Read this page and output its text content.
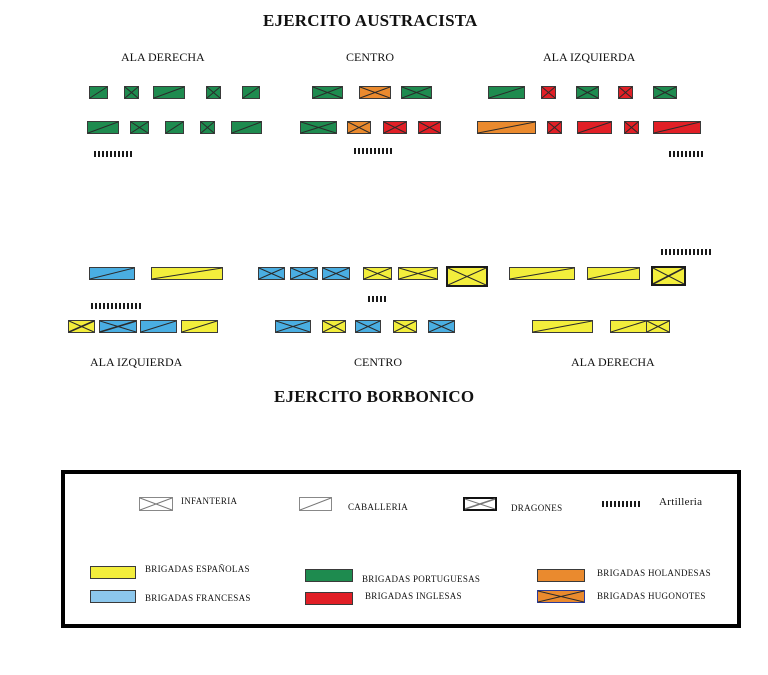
EJERCITO AUSTRACISTA
EJERCITO BORBONICO
ALA DERECHA	CENTRO	ALA IZQUIERDA
ALA IZQUIERDA	CENTRO	ALA DERECHA
INFANTERIA
CABALLERIA	DRAGONES	Artilleria
BRIGADAS ESPAÑOLAS
BRIGADAS FRANCESAS
BRIGADAS PORTUGUESAS
BRIGADAS INGLESAS
BRIGADAS HOLANDESAS
BRIGADAS HUGONOTES
